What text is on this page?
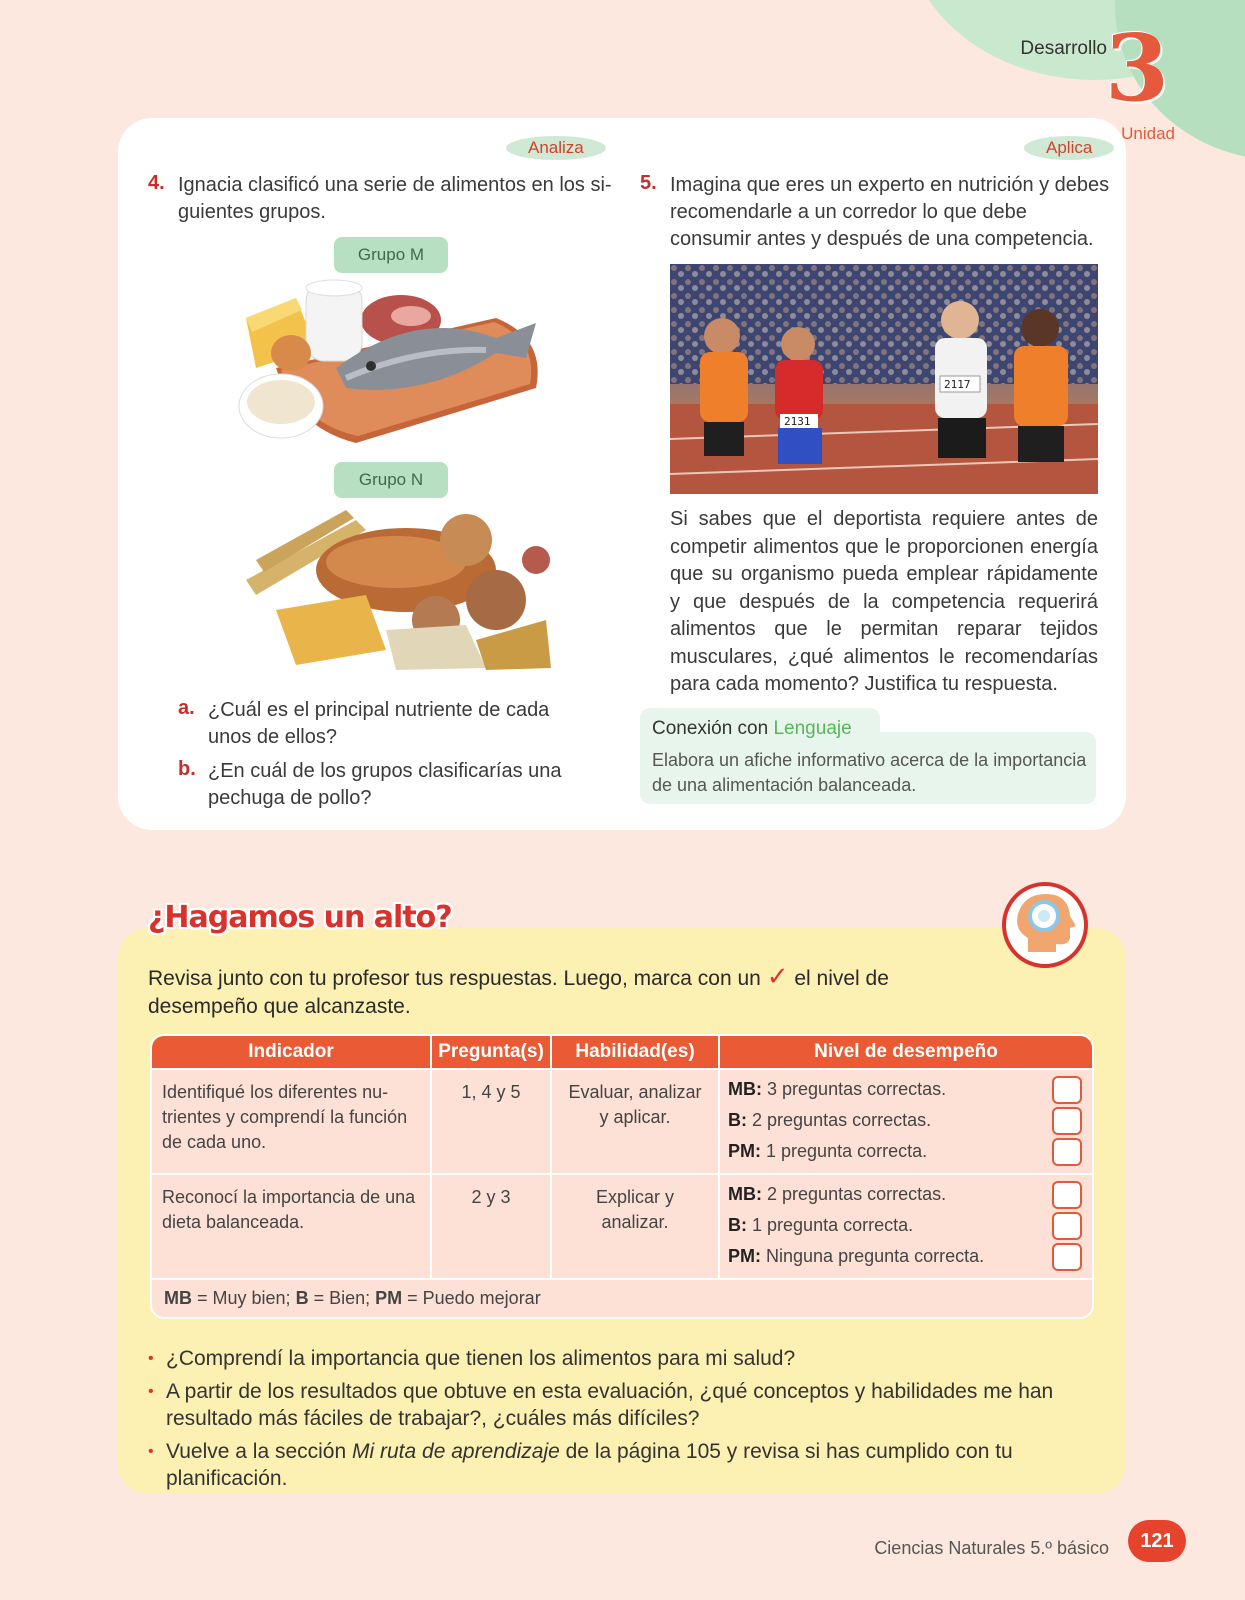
Desarrollo
3
Unidad
Analiza
4. Ignacia clasificó una serie de alimentos en los si-
guientes grupos.
Grupo M
Grupo N
a. ¿Cuál es el principal nutriente de cada
unos de ellos?
b. ¿En cuál de los grupos clasificarías una
pechuga de pollo?
Aplica
5. Imagina que eres un experto en nutrición y debes
recomendarle a un corredor lo que debe
consumir antes y después de una competencia.
2131
2117
Si sabes que el deportista requiere antes de competir alimentos que le proporcionen energía que su organismo pueda emplear rápidamente y que después de la competencia requerirá alimentos que le permitan reparar tejidos musculares, ¿qué alimentos le recomendarías para cada momento? Justifica tu respuesta.
Conexión con Lenguaje
Elabora un afiche informativo acerca de la importancia de una alimentación balanceada.
¿Hagamos un alto?
Revisa junto con tu profesor tus respuestas. Luego, marca con un ✓ el nivel de desempeño que alcanzaste.
Indicador	Pregunta(s)	Habilidad(es)	Nivel de desempeño
Identifiqué los diferentes nu- trientes y comprendí la función de cada uno.	1, 4 y 5	Evaluar, analizar y aplicar.	MB: 3 preguntas correctas.
B: 2 preguntas correctas.
PM: 1 pregunta correcta.

Reconocí la importancia de una dieta balanceada.	2 y 3	Explicar y analizar.	MB: 2 preguntas correctas.
B: 1 pregunta correcta.
PM: Ninguna pregunta correcta.

MB = Muy bien; B = Bien; PM = Puedo mejorar			
• ¿Comprendí la importancia que tienen los alimentos para mi salud?
• A partir de los resultados que obtuve en esta evaluación, ¿qué conceptos y habilidades me han resultado más fáciles de trabajar?, ¿cuáles más difíciles?
• Vuelve a la sección Mi ruta de aprendizaje de la página 105 y revisa si has cumplido con tu planificación.
Ciencias Naturales 5.º básico	121
